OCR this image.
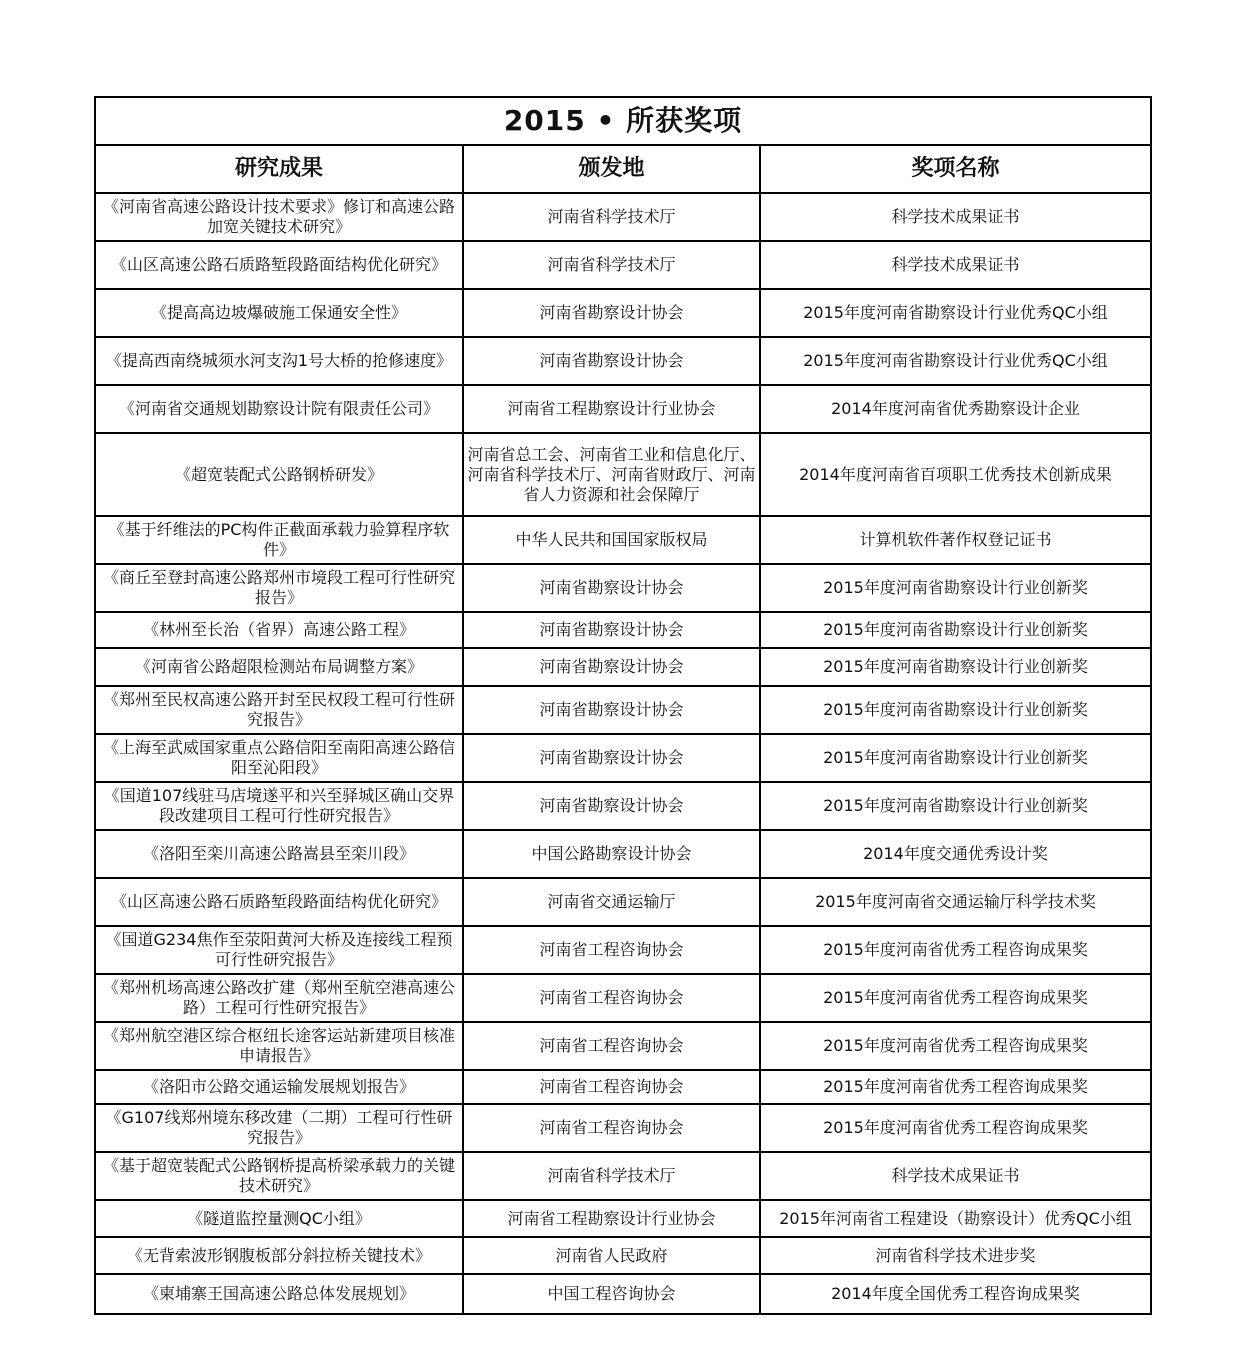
2015 • 所获奖项		
研究成果	颁发地	奖项名称
《河南省高速公路设计技术要求》修订和高速公路加宽关键技术研究》	河南省科学技术厅	科学技术成果证书
《山区高速公路石质路堑段路面结构优化研究》	河南省科学技术厅	科学技术成果证书
《提高高边坡爆破施工保通安全性》	河南省勘察设计协会	2015年度河南省勘察设计行业优秀QC小组
《提高西南绕城须水河支沟1号大桥的抢修速度》	河南省勘察设计协会	2015年度河南省勘察设计行业优秀QC小组
《河南省交通规划勘察设计院有限责任公司》	河南省工程勘察设计行业协会	2014年度河南省优秀勘察设计企业
《超宽装配式公路钢桥研发》	河南省总工会、河南省工业和信息化厅、河南省科学技术厅、河南省财政厅、河南省人力资源和社会保障厅	2014年度河南省百项职工优秀技术创新成果
《基于纤维法的PC构件正截面承载力验算程序软件》	中华人民共和国国家版权局	计算机软件著作权登记证书
《商丘至登封高速公路郑州市境段工程可行性研究报告》	河南省勘察设计协会	2015年度河南省勘察设计行业创新奖
《林州至长治（省界）高速公路工程》	河南省勘察设计协会	2015年度河南省勘察设计行业创新奖
《河南省公路超限检测站布局调整方案》	河南省勘察设计协会	2015年度河南省勘察设计行业创新奖
《郑州至民权高速公路开封至民权段工程可行性研究报告》	河南省勘察设计协会	2015年度河南省勘察设计行业创新奖
《上海至武威国家重点公路信阳至南阳高速公路信阳至沁阳段》	河南省勘察设计协会	2015年度河南省勘察设计行业创新奖
《国道107线驻马店境遂平和兴至驿城区确山交界段改建项目工程可行性研究报告》	河南省勘察设计协会	2015年度河南省勘察设计行业创新奖
《洛阳至栾川高速公路嵩县至栾川段》	中国公路勘察设计协会	2014年度交通优秀设计奖
《山区高速公路石质路堑段路面结构优化研究》	河南省交通运输厅	2015年度河南省交通运输厅科学技术奖
《国道G234焦作至荥阳黄河大桥及连接线工程预可行性研究报告》	河南省工程咨询协会	2015年度河南省优秀工程咨询成果奖
《郑州机场高速公路改扩建（郑州至航空港高速公路）工程可行性研究报告》	河南省工程咨询协会	2015年度河南省优秀工程咨询成果奖
《郑州航空港区综合枢纽长途客运站新建项目核准申请报告》	河南省工程咨询协会	2015年度河南省优秀工程咨询成果奖
《洛阳市公路交通运输发展规划报告》	河南省工程咨询协会	2015年度河南省优秀工程咨询成果奖
《G107线郑州境东移改建（二期）工程可行性研究报告》	河南省工程咨询协会	2015年度河南省优秀工程咨询成果奖
《基于超宽装配式公路钢桥提高桥梁承载力的关键技术研究》	河南省科学技术厅	科学技术成果证书
《隧道监控量测QC小组》	河南省工程勘察设计行业协会	2015年河南省工程建设（勘察设计）优秀QC小组
《无背索波形钢腹板部分斜拉桥关键技术》	河南省人民政府	河南省科学技术进步奖
《柬埔寨王国高速公路总体发展规划》	中国工程咨询协会	2014年度全国优秀工程咨询成果奖
